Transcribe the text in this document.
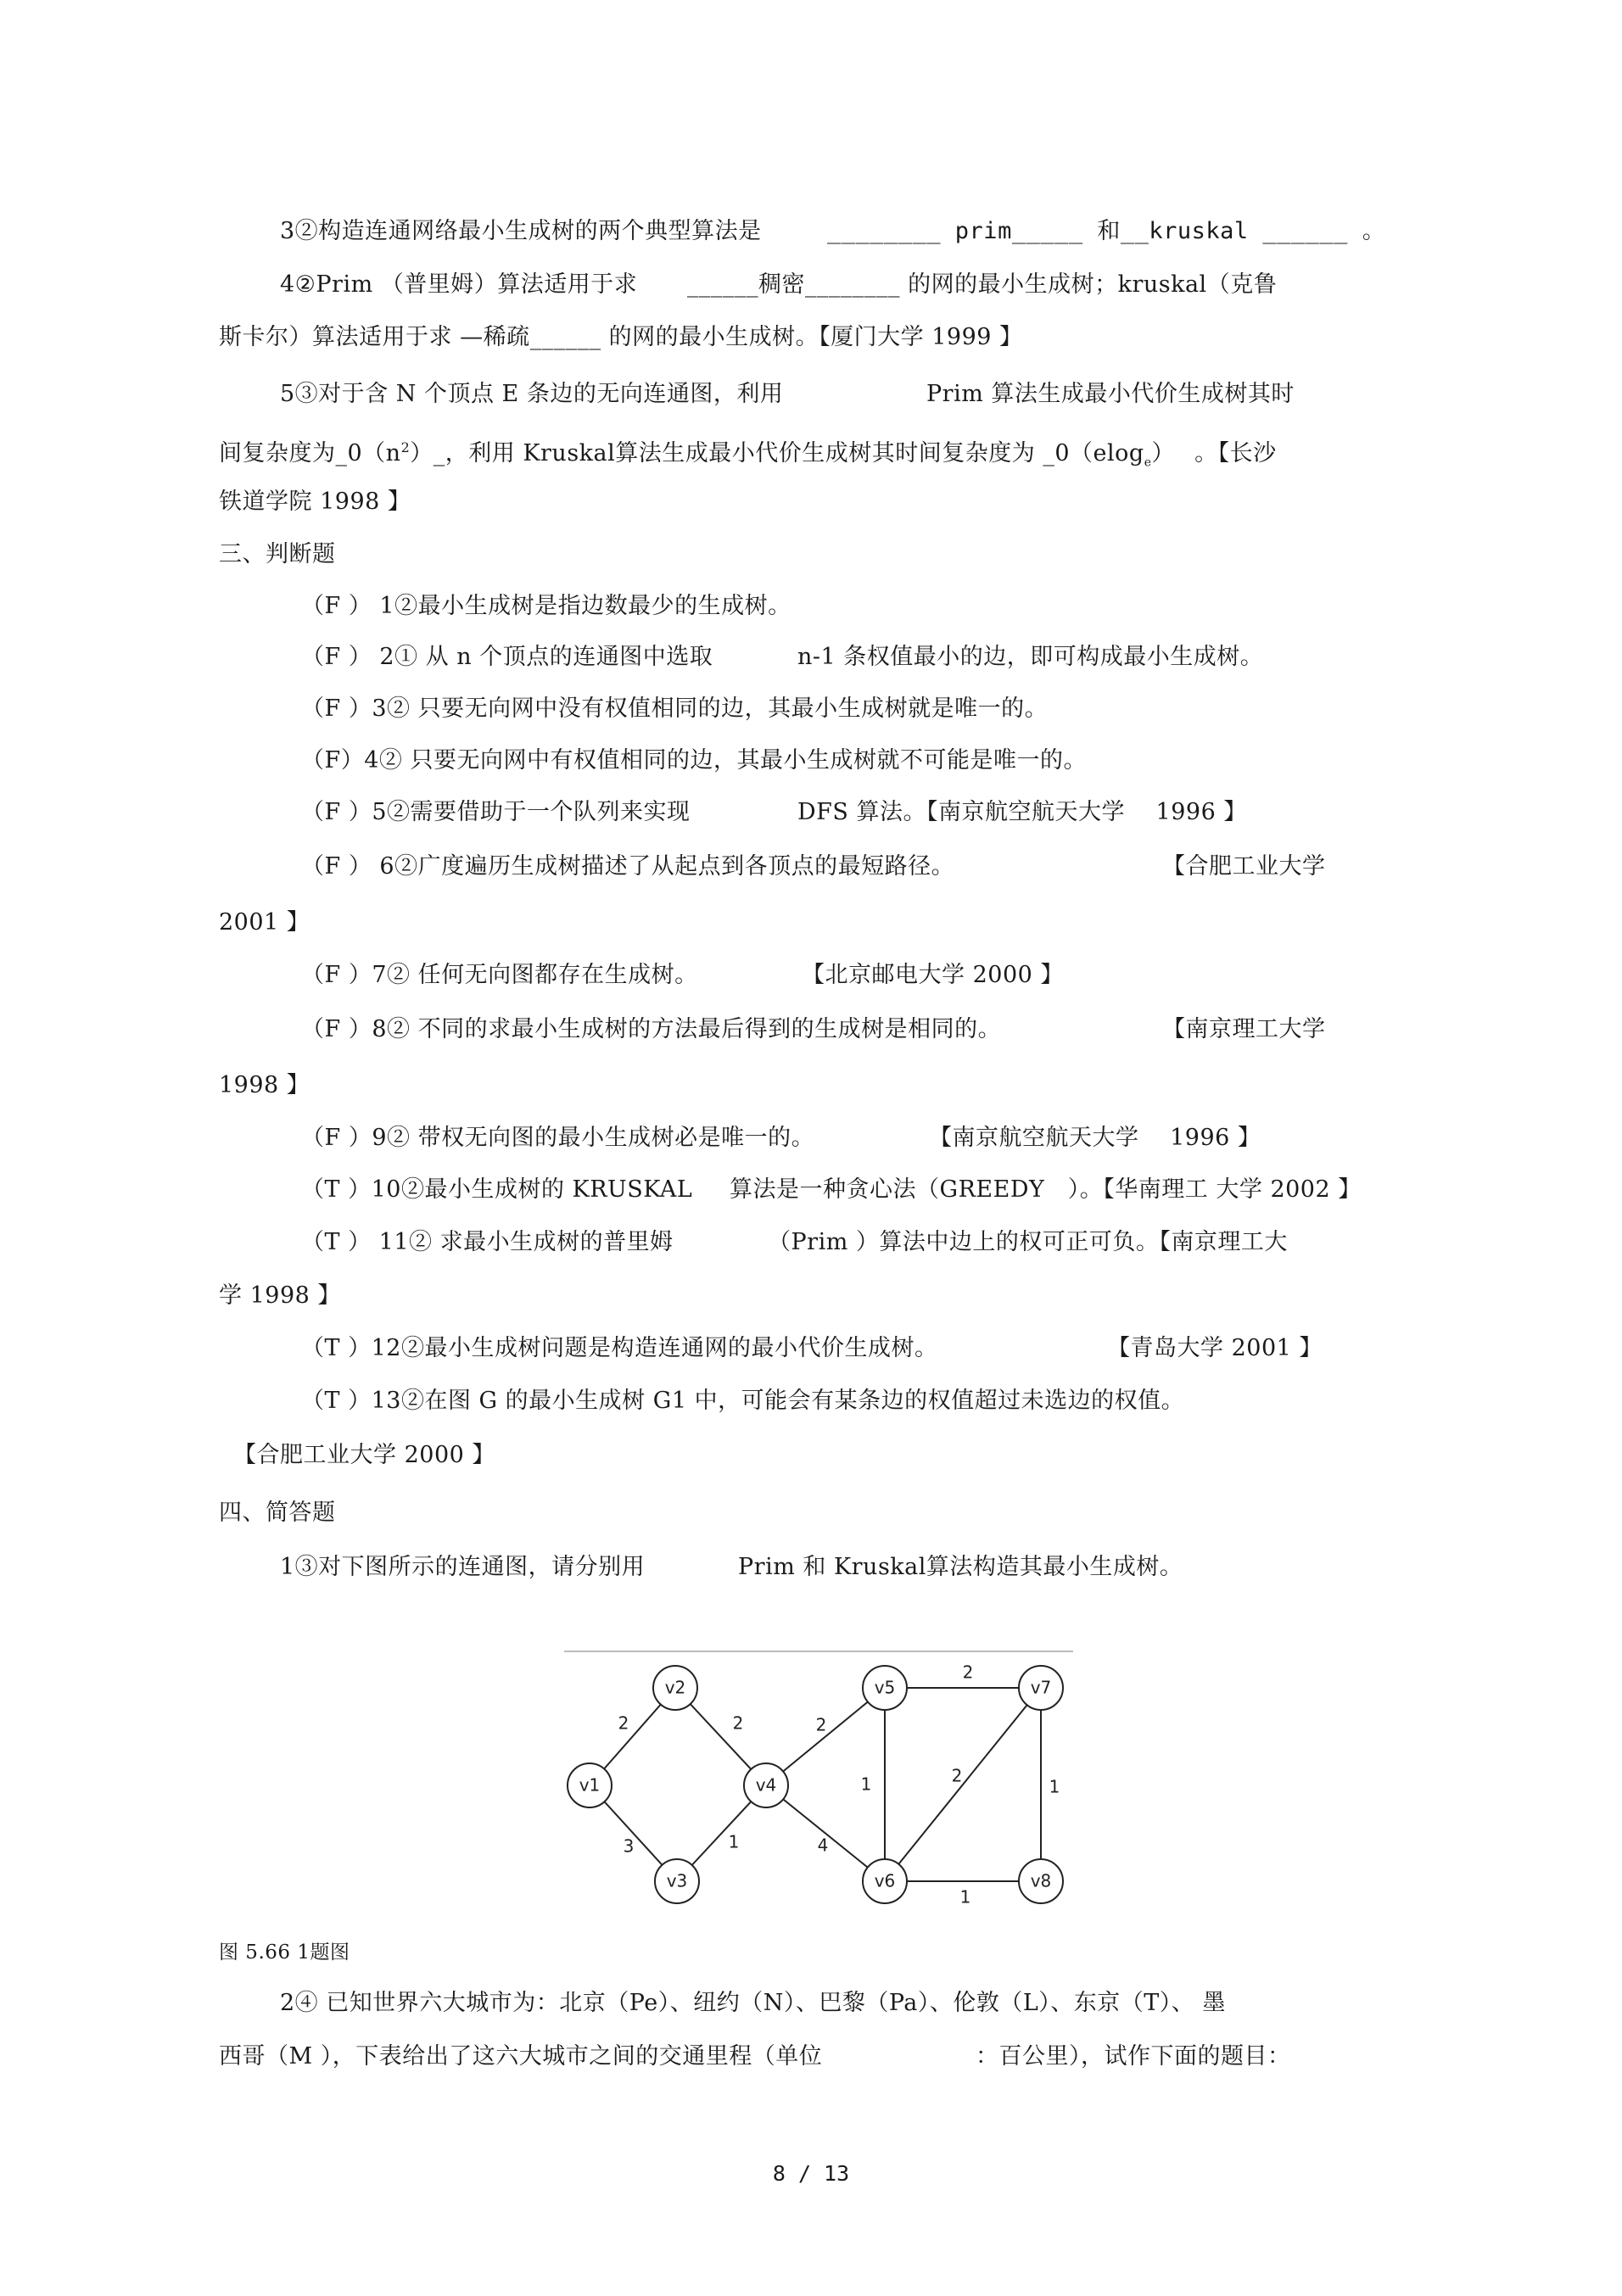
3②构造连通网络最小生成树的两个典型算法是	________ prim_____ 和__kruskal ______ 。
4②Prim （普里姆）算法适用于求 ______稠密________ 的网的最小生成树；kruskal（克鲁
斯卡尔）算法适用于求 —稀疏______ 的网的最小生成树。【厦门大学 1999 】
5③对于含 N 个顶点 E 条边的无向连通图，利用	Prim 算法生成最小代价生成树其时
间复杂度为$\_0(n^2)\_$，利用 Kruskal算法生成最小代价生成树其时间复杂度为 _0（elog$_e$）　 。【长沙
铁道学院 1998 】
三、判断题
（F ） 1②最小生成树是指边数最少的生成树。
（F ） 2① 从 n 个顶点的连通图中选取	n-1 条权值最小的边，即可构成最小生成树。
（F ）3② 只要无向网中没有权值相同的边，其最小生成树就是唯一的。
（F）4② 只要无向网中有权值相同的边，其最小生成树就不可能是唯一的。
（F ）5②需要借助于一个队列来实现	DFS 算法。【南京航空航天大学　 1996 】
（F ） 6②广度遍历生成树描述了从起点到各顶点的最短路径。	【合肥工业大学
2001 】
（F ）7② 任何无向图都存在生成树。	【北京邮电大学 2000 】
（F ）8② 不同的求最小生成树的方法最后得到的生成树是相同的。	【南京理工大学
1998 】
（F ）9② 带权无向图的最小生成树必是唯一的。	【南京航空航天大学　 1996 】
（T ）10②最小生成树的 KRUSKAL 算法是一种贪心法（GREEDY　）。【华南理工 大学 2002 】
（T ） 11② 求最小生成树的普里姆	（Prim ）算法中边上的权可正可负。【南京理工大
学 1998 】
（T ）12②最小生成树问题是构造连通网的最小代价生成树。	【青岛大学 2001 】
（T ）13②在图 G 的最小生成树 G1 中，可能会有某条边的权值超过未选边的权值。
【合肥工业大学 2000 】
四、简答题
1③对下图所示的连通图，请分别用	Prim 和 Kruskal算法构造其最小生成树。
2	2
3	1
2
4
1
2
2
1
1
v1
v2
v3
v4
v5
v6
v7
v8
图 5.66 1题图
2④ 已知世界六大城市为：北京（Pe）、纽约（N）、巴黎（Pa）、伦敦（L）、东京（T）、 墨
西哥（M ），下表给出了这六大城市之间的交通里程（单位	：百公里），试作下面的题目：
8 / 13
